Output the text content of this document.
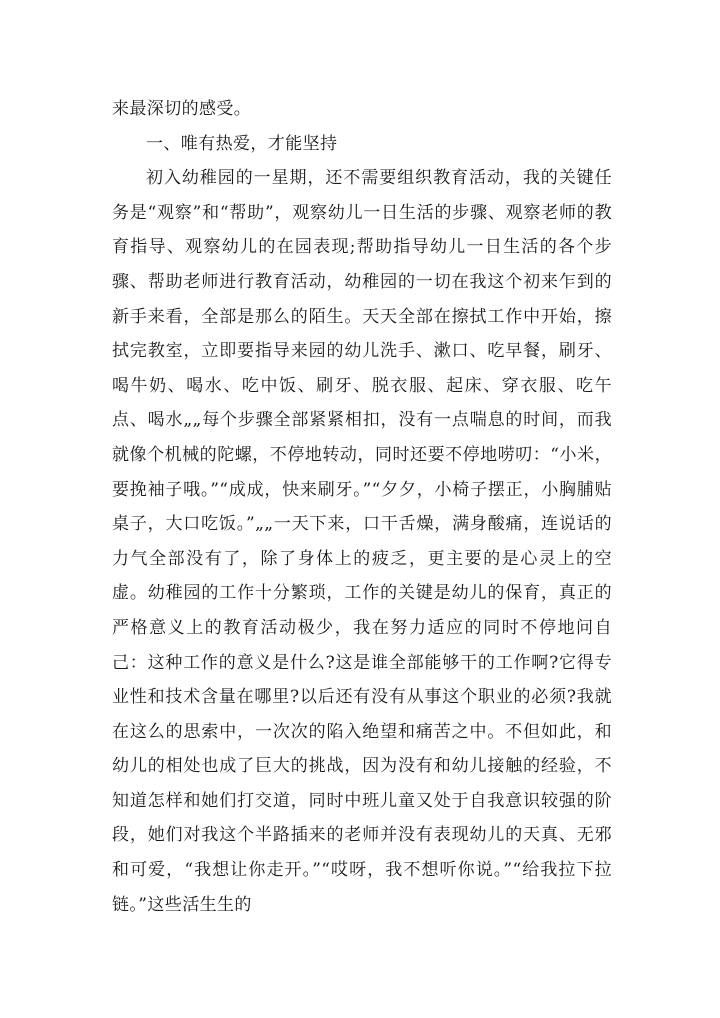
来最深切的感受。

一、唯有热爱，才能坚持

初入幼稚园的一星期，还不需要组织教育活动，我的关键任务是“观察”和“帮助”，观察幼儿一日生活的步骤、观察老师的教育指导、观察幼儿的在园表现;帮助指导幼儿一日生活的各个步骤、帮助老师进行教育活动，幼稚园的一切在我这个初来乍到的新手来看，全部是那么的陌生。天天全部在擦拭工作中开始，擦拭完教室，立即要指导来园的幼儿洗手、漱口、吃早餐，刷牙、喝牛奶、喝水、吃中饭、刷牙、脱衣服、起床、穿衣服、吃午点、喝水„„每个步骤全部紧紧相扣，没有一点喘息的时间，而我就像个机械的陀螺，不停地转动，同时还要不停地唠叨：“小米，要挽袖子哦。”“成成，快来刷牙。”“夕夕，小椅子摆正，小胸脯贴桌子，大口吃饭。”„„一天下来，口干舌燥，满身酸痛，连说话的力气全部没有了，除了身体上的疲乏，更主要的是心灵上的空虚。幼稚园的工作十分繁琐，工作的关键是幼儿的保育，真正的严格意义上的教育活动极少，我在努力适应的同时不停地问自己：这种工作的意义是什么?这是谁全部能够干的工作啊?它得专业性和技术含量在哪里?以后还有没有从事这个职业的必须?我就在这么的思索中，一次次的陷入绝望和痛苦之中。不但如此，和幼儿的相处也成了巨大的挑战，因为没有和幼儿接触的经验，不知道怎样和她们打交道，同时中班儿童又处于自我意识较强的阶段，她们对我这个半路插来的老师并没有表现幼儿的天真、无邪和可爱，“我想让你走开。”“哎呀，我不想听你说。”“给我拉下拉链。”这些活生生的
